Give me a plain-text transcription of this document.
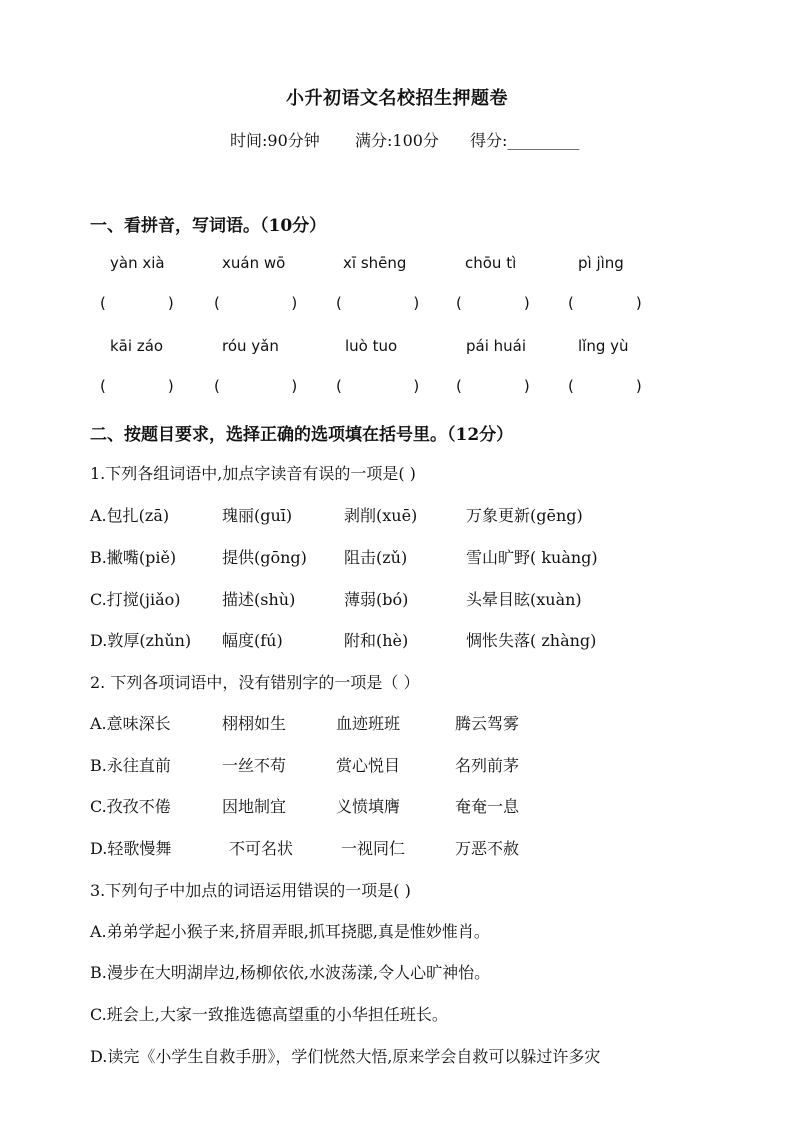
小升初语文名校招生押题卷
时间:90分钟 满分:100分 得分:_________
一、看拼音，写词语。（10分）
yàn xià	xuán wō	xī shēng	chōu tì	pì jìng
(             )	(               )	(               ) (             )	(             )
kāi záo	róu yǎn	luò tuo	pái huái	lǐng yù
(             )	(               )	(               ) (             )	(             )
二、按题目要求，选择正确的选项填在括号里。（12分）
1.下列各组词语中,加点字读音有误的一项是( )
A.包扎(zā)	瑰丽(guī)	剥削(xuē)	万象更新(gēng)
B.撇嘴(piě)	提供(gōng) 阻击(zǔ)	雪山旷野( kuàng)
C.打搅(jiǎo)	描述(shù)	薄弱(bó)	头晕目眩(xuàn)
D.敦厚(zhǔn) 幅度(fú)	附和(hè)	惆怅失落( zhàng)
2. 下列各项词语中，没有错别字的一项是（ ）
A.意味深长	栩栩如生	血迹班班	腾云驾雾
B.永往直前	一丝不苟	赏心悦目	名列前茅
C.孜孜不倦	因地制宜	义愤填膺	奄奄一息
D.轻歌慢舞	不可名状	一视同仁	万恶不赦
3.下列句子中加点的词语运用错误的一项是( )
A.弟弟学起小猴子来,挤眉弄眼,抓耳挠腮,真是惟妙惟肖。
B.漫步在大明湖岸边,杨柳依依,水波荡漾,令人心旷神怡。
C.班会上,大家一致推选德高望重的小华担任班长。
D.读完《小学生自救手册》，学们恍然大悟,原来学会自救可以躲过许多灾
